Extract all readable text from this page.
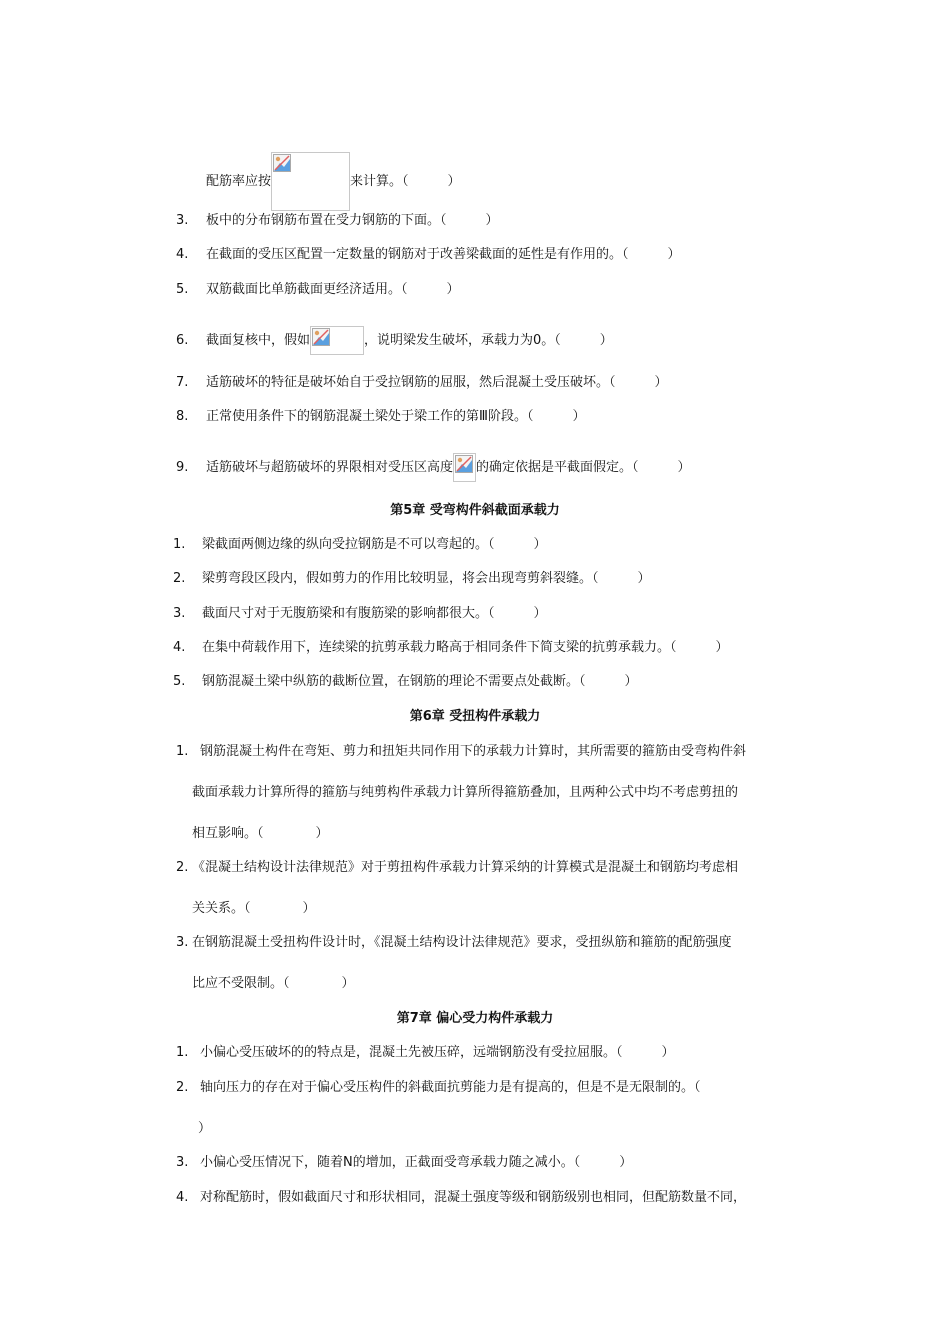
配筋率应按	来计算。（　　　）
3. 板中的分布钢筋布置在受力钢筋的下面。（　　　）
4. 在截面的受压区配置一定数量的钢筋对于改善梁截面的延性是有作用的。（　　　）
5. 双筋截面比单筋截面更经济适用。（　　　）
6. 截面复核中，假如	，说明梁发生破坏，承载力为0。（　　　）
7. 适筋破坏的特征是破坏始自于受拉钢筋的屈服，然后混凝土受压破坏。（　　　）
8. 正常使用条件下的钢筋混凝土梁处于梁工作的第Ⅲ阶段。（　　　）
9. 适筋破坏与超筋破坏的界限相对受压区高度 的确定依据是平截面假定。（　　　）
第5章 受弯构件斜截面承载力
1. 梁截面两侧边缘的纵向受拉钢筋是不可以弯起的。（　　　）
2. 梁剪弯段区段内，假如剪力的作用比较明显，将会出现弯剪斜裂缝。（　　　）
3. 截面尺寸对于无腹筋梁和有腹筋梁的影响都很大。（　　　）
4. 在集中荷载作用下，连续梁的抗剪承载力略高于相同条件下简支梁的抗剪承载力。（　　　）
5. 钢筋混凝土梁中纵筋的截断位置，在钢筋的理论不需要点处截断。（　　　）
第6章 受扭构件承载力
1. 钢筋混凝土构件在弯矩、剪力和扭矩共同作用下的承载力计算时，其所需要的箍筋由受弯构件斜
截面承载力计算所得的箍筋与纯剪构件承载力计算所得箍筋叠加，且两种公式中均不考虑剪扭的
相互影响。（　　　　）
2. 《混凝土结构设计法律规范》对于剪扭构件承载力计算采纳的计算模式是混凝土和钢筋均考虑相
关关系。（　　　　）
3. 在钢筋混凝土受扭构件设计时，《混凝土结构设计法律规范》要求，受扭纵筋和箍筋的配筋强度
比应不受限制。（　　　　）
第7章 偏心受力构件承载力
1. 小偏心受压破坏的的特点是，混凝土先被压碎，远端钢筋没有受拉屈服。（　　　）
2. 轴向压力的存在对于偏心受压构件的斜截面抗剪能力是有提高的，但是不是无限制的。（
）
3. 小偏心受压情况下，随着N的增加，正截面受弯承载力随之减小。（　　　）
4. 对称配筋时，假如截面尺寸和形状相同，混凝土强度等级和钢筋级别也相同，但配筋数量不同，
